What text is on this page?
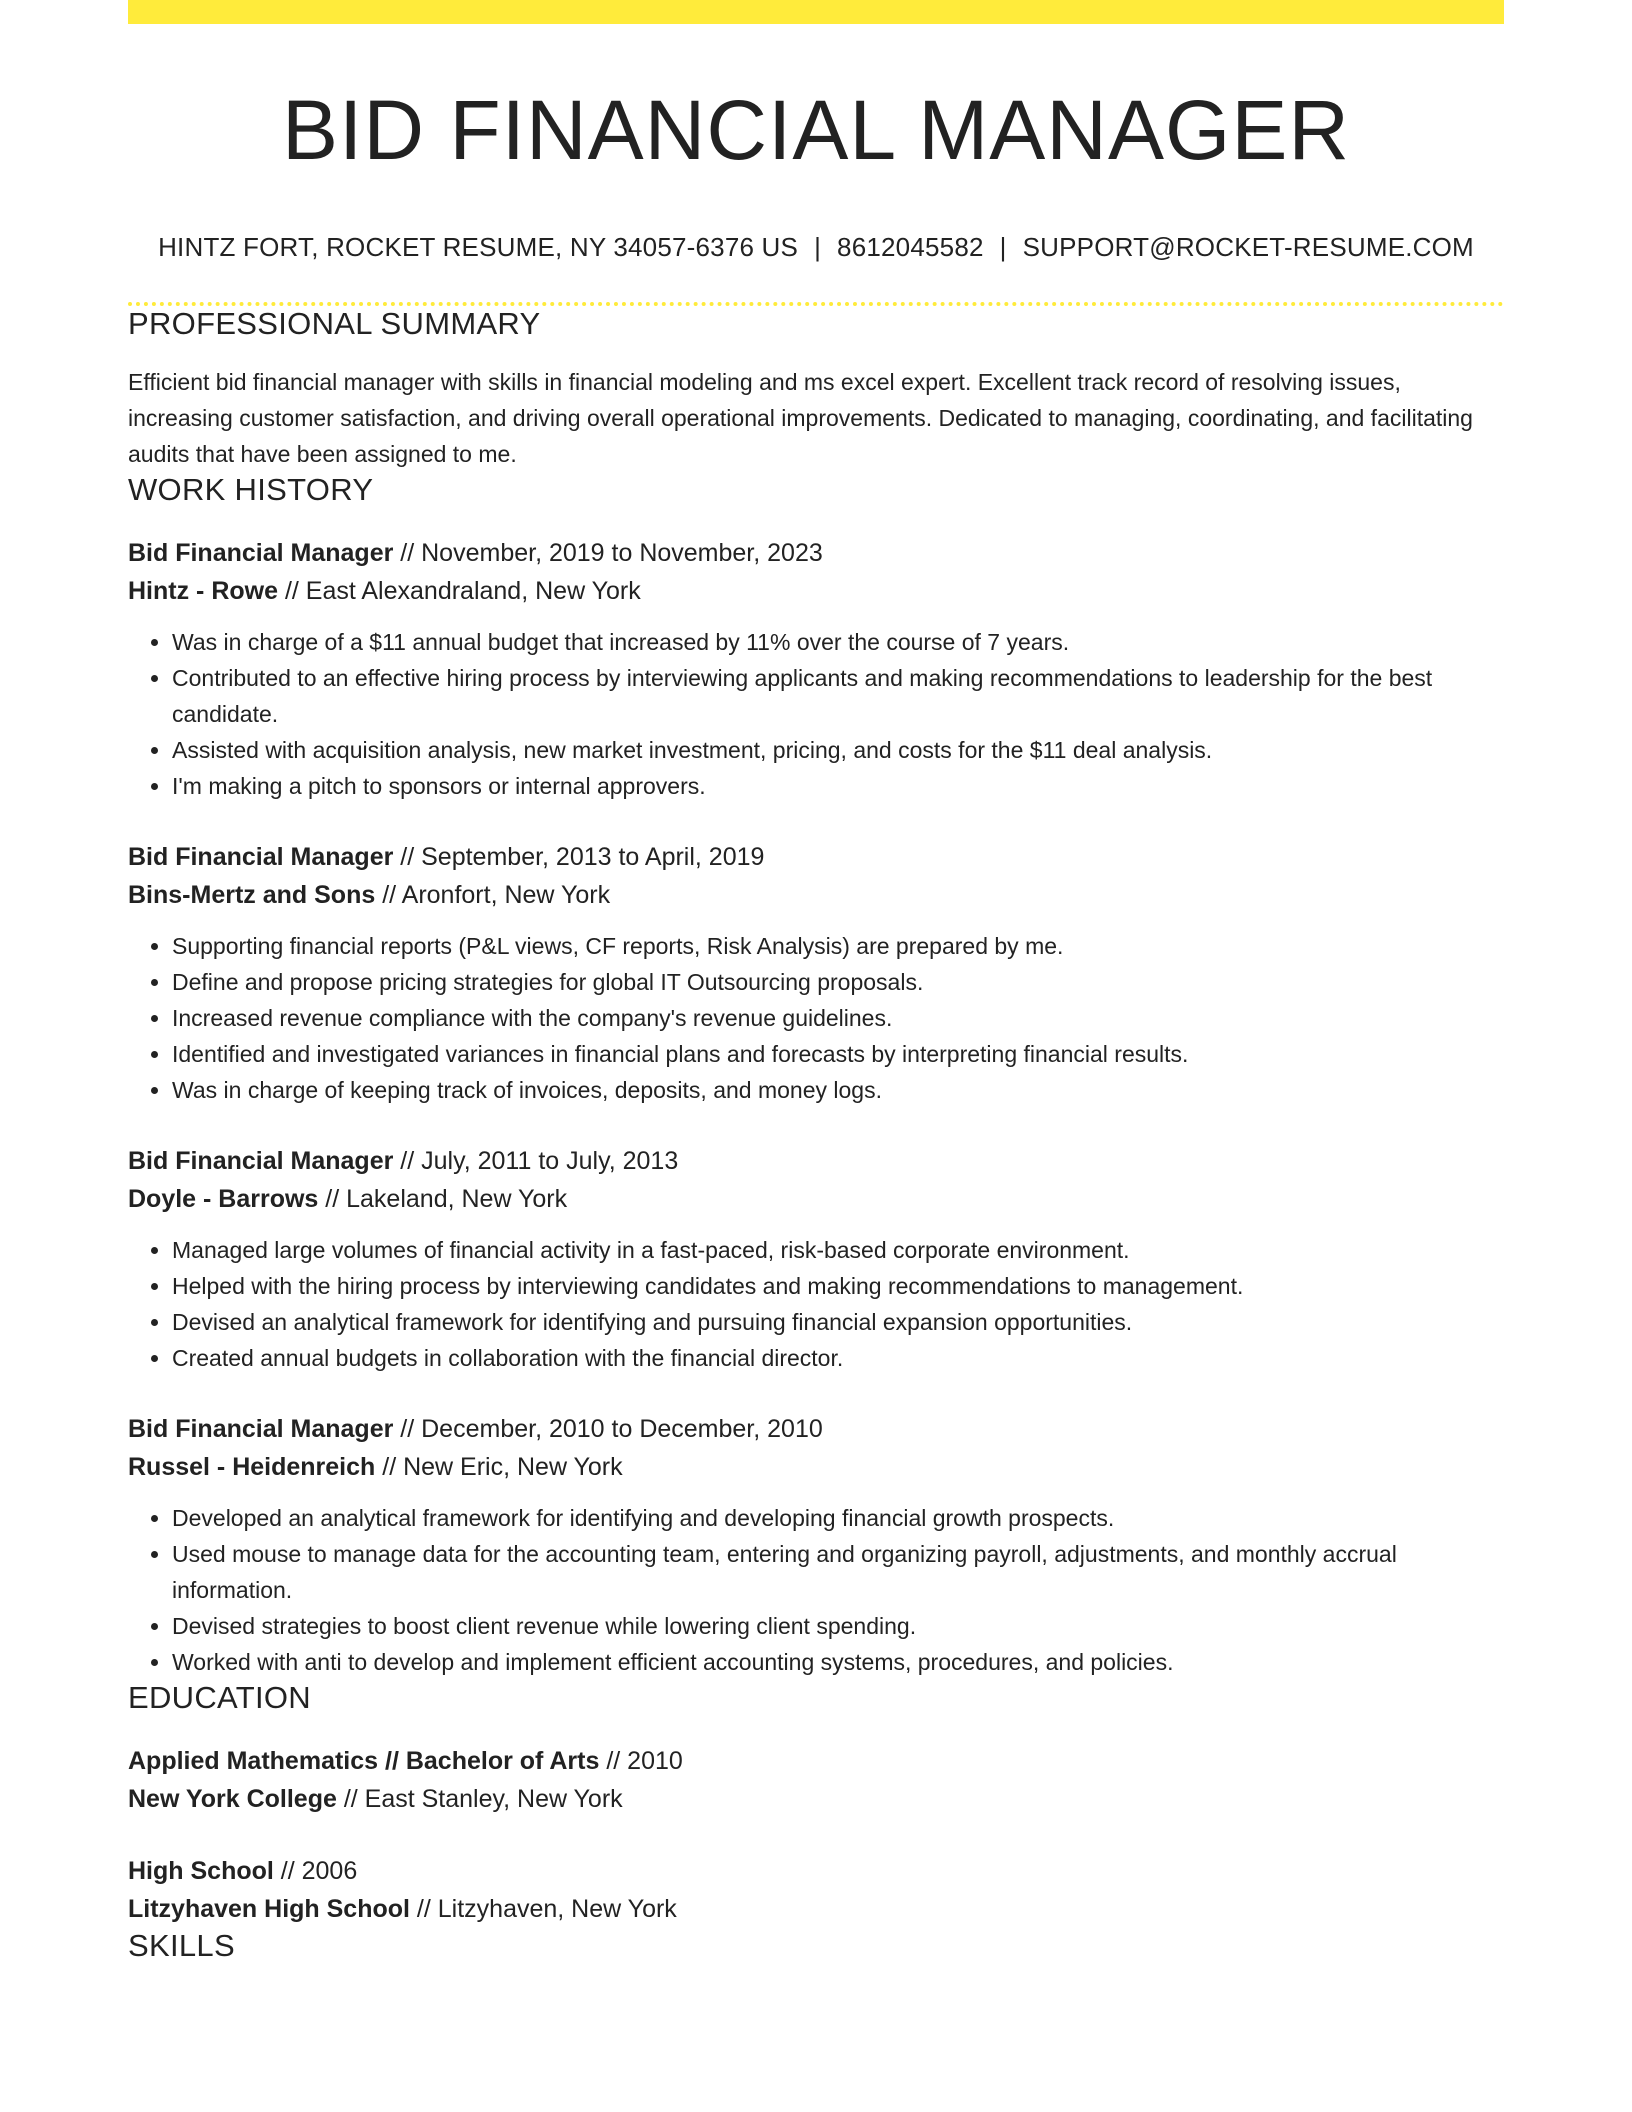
BID FINANCIAL MANAGER
HINTZ FORT, ROCKET RESUME, NY 34057-6376 US | 8612045582 | SUPPORT@ROCKET-RESUME.COM
PROFESSIONAL SUMMARY

Efficient bid financial manager with skills in financial modeling and ms excel expert. Excellent track record of resolving issues, increasing customer satisfaction, and driving overall operational improvements. Dedicated to managing, coordinating, and facilitating audits that have been assigned to me.

WORK HISTORY
Bid Financial Manager // November, 2019 to November, 2023
Hintz - Rowe // East Alexandraland, New York
• Was in charge of a $11 annual budget that increased by 11% over the course of 7 years.
• Contributed to an effective hiring process by interviewing applicants and making recommendations to leadership for the best candidate.
• Assisted with acquisition analysis, new market investment, pricing, and costs for the $11 deal analysis.
• I'm making a pitch to sponsors or internal approvers.
Bid Financial Manager // September, 2013 to April, 2019
Bins-Mertz and Sons // Aronfort, New York
• Supporting financial reports (P&L views, CF reports, Risk Analysis) are prepared by me.
• Define and propose pricing strategies for global IT Outsourcing proposals.
• Increased revenue compliance with the company's revenue guidelines.
• Identified and investigated variances in financial plans and forecasts by interpreting financial results.
• Was in charge of keeping track of invoices, deposits, and money logs.
Bid Financial Manager // July, 2011 to July, 2013
Doyle - Barrows // Lakeland, New York
• Managed large volumes of financial activity in a fast-paced, risk-based corporate environment.
• Helped with the hiring process by interviewing candidates and making recommendations to management.
• Devised an analytical framework for identifying and pursuing financial expansion opportunities.
• Created annual budgets in collaboration with the financial director.
Bid Financial Manager // December, 2010 to December, 2010
Russel - Heidenreich // New Eric, New York
• Developed an analytical framework for identifying and developing financial growth prospects.
• Used mouse to manage data for the accounting team, entering and organizing payroll, adjustments, and monthly accrual information.
• Devised strategies to boost client revenue while lowering client spending.
• Worked with anti to develop and implement efficient accounting systems, procedures, and policies.
EDUCATION
Applied Mathematics // Bachelor of Arts // 2010
New York College // East Stanley, New York
High School // 2006
Litzyhaven High School // Litzyhaven, New York
SKILLS
